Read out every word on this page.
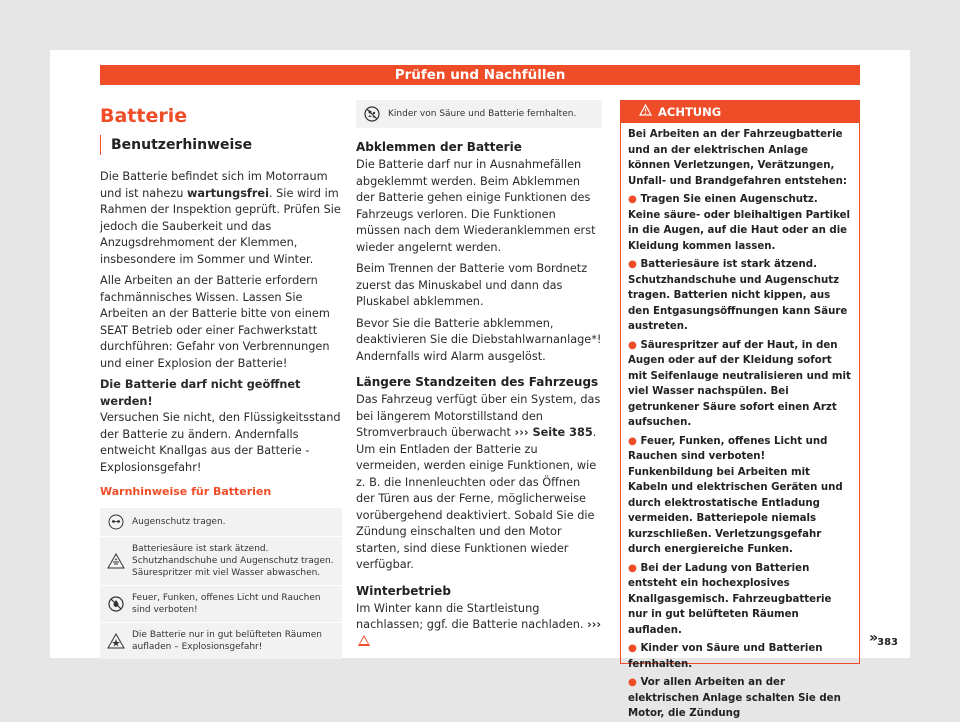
Prüfen und Nachfüllen
Batterie
Benutzerhinweise

Die Batterie befindet sich im Motorraum und ist nahezu wartungsfrei. Sie wird im Rahmen der Inspektion geprüft. Prüfen Sie jedoch die Sauberkeit und das Anzugsdrehmoment der Klemmen, insbesondere im Sommer und Winter.

Alle Arbeiten an der Batterie erfordern fachmännisches Wissen. Lassen Sie Arbeiten an der Batterie bitte von einem SEAT Betrieb oder einer Fachwerkstatt durchführen: Gefahr von Verbrennungen und einer Explosion der Batterie!

Die Batterie darf nicht geöffnet werden!
Versuchen Sie nicht, den Flüssigkeitsstand der Batterie zu ändern. Andernfalls entweicht Knallgas aus der Batterie - Explosionsgefahr!

Warnhinweise für Batterien
Augenschutz tragen.
Batteriesäure ist stark ätzend. Schutzhandschuhe und Augenschutz tragen. Säurespritzer mit viel Wasser abwaschen.
Feuer, Funken, offenes Licht und Rauchen sind verboten!
Die Batterie nur in gut belüfteten Räumen aufladen – Explosionsgefahr!
Kinder von Säure und Batterie fernhalten.
Abklemmen der Batterie

Die Batterie darf nur in Ausnahmefällen abgeklemmt werden. Beim Abklemmen der Batterie gehen einige Funktionen des Fahrzeugs verloren. Die Funktionen müssen nach dem Wiederanklemmen erst wieder angelernt werden.

Beim Trennen der Batterie vom Bordnetz zuerst das Minuskabel und dann das Pluskabel abklemmen.

Bevor Sie die Batterie abklemmen, deaktivieren Sie die Diebstahlwarnanlage*! Andernfalls wird Alarm ausgelöst.

Längere Standzeiten des Fahrzeugs

Das Fahrzeug verfügt über ein System, das bei längerem Motorstillstand den Stromverbrauch überwacht ››› Seite 385. Um ein Entladen der Batterie zu vermeiden, werden einige Funktionen, wie z. B. die Innenleuchten oder das Öffnen der Türen aus der Ferne, möglicherweise vorübergehend deaktiviert. Sobald Sie die Zündung einschalten und den Motor starten, sind diese Funktionen wieder verfügbar.

Winterbetrieb

Im Winter kann die Startleistung nachlassen; ggf. die Batterie nachladen. ›››

ACHTUNG

Bei Arbeiten an der Fahrzeugbatterie und an der elektrischen Anlage können Verletzungen, Verätzungen, Unfall- und Brandgefahren entstehen:

● Tragen Sie einen Augenschutz. Keine säure- oder bleihaltigen Partikel in die Augen, auf die Haut oder an die Kleidung kommen lassen.

● Batteriesäure ist stark ätzend. Schutzhandschuhe und Augenschutz tragen. Batterien nicht kippen, aus den Entgasungsöffnungen kann Säure austreten.

● Säurespritzer auf der Haut, in den Augen oder auf der Kleidung sofort mit Seifenlauge neutralisieren und mit viel Wasser nachspülen. Bei getrunkener Säure sofort einen Arzt aufsuchen.

● Feuer, Funken, offenes Licht und Rauchen sind verboten! Funkenbildung bei Arbeiten mit Kabeln und elektrischen Geräten und durch elektrostatische Entladung vermeiden. Batteriepole niemals kurzschließen. Verletzungsgefahr durch energiereiche Funken.

● Bei der Ladung von Batterien entsteht ein hochexplosives Knallgasgemisch. Fahrzeugbatterie nur in gut belüfteten Räumen aufladen.

● Kinder von Säure und Batterien fernhalten.

● Vor allen Arbeiten an der elektrischen Anlage schalten Sie den Motor, die Zündung

» 383
